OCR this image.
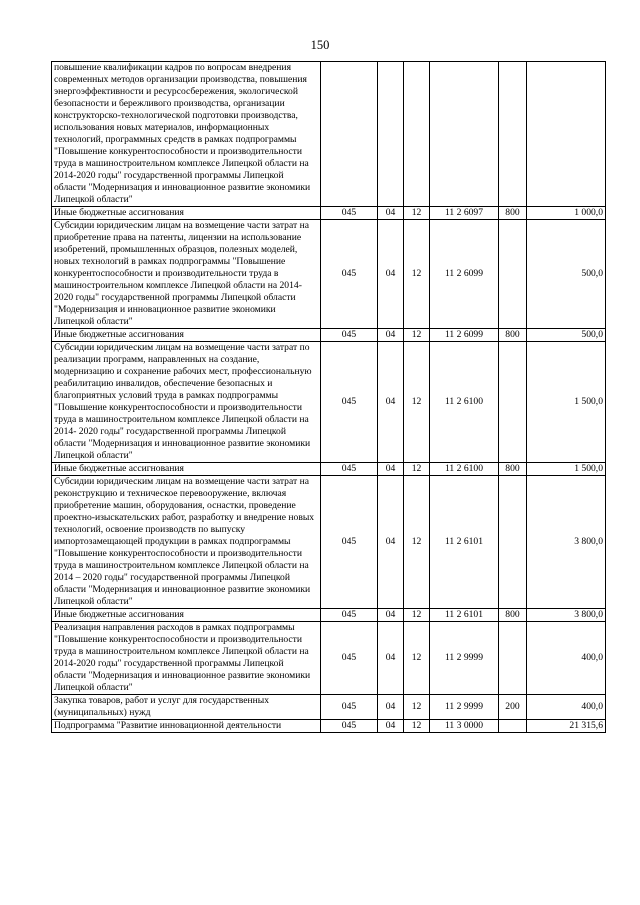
150
повышение квалификации кадров по вопросам внедрения современных методов организации производства, повышения энергоэффективности и ресурсосбережения, экологической безопасности и бережливого производства, организации конструкторско-технологической подготовки производства, использования новых материалов, информационных технологий, программных средств в рамках подпрограммы "Повышение конкурентоспособности и производительности труда в машиностроительном комплексе Липецкой области на 2014-2020 годы" государственной программы Липецкой области "Модернизация и инновационное развитие экономики Липецкой области"						
Иные бюджетные ассигнования	045	04	12	11 2 6097	800	1 000,0
Субсидии юридическим лицам на возмещение части затрат на приобретение права на патенты, лицензии на использование изобретений, промышленных образцов, полезных моделей, новых технологий в рамках подпрограммы "Повышение конкурентоспособности и производительности труда в машиностроительном комплексе Липецкой области на 2014- 2020 годы" государственной программы Липецкой области "Модернизация и инновационное развитие экономики Липецкой области"	045	04	12	11 2 6099		500,0
Иные бюджетные ассигнования	045	04	12	11 2 6099	800	500,0
Субсидии юридическим лицам на возмещение части затрат по реализации программ, направленных на создание, модернизацию и сохранение рабочих мест, профессиональную реабилитацию инвалидов, обеспечение безопасных и благоприятных условий труда в рамках подпрограммы "Повышение конкурентоспособности и производительности труда в машиностроительном комплексе Липецкой области на 2014- 2020 годы" государственной программы Липецкой области "Модернизация и инновационное развитие экономики Липецкой области"	045	04	12	11 2 6100		1 500,0
Иные бюджетные ассигнования	045	04	12	11 2 6100	800	1 500,0
Субсидии юридическим лицам на возмещение части затрат на реконструкцию и техническое перевооружение, включая приобретение машин, оборудования, оснастки, проведение проектно-изыскательских работ, разработку и внедрение новых технологий, освоение производств по выпуску импортозамещающей продукции в рамках подпрограммы "Повышение конкурентоспособности и производительности труда в машиностроительном комплексе Липецкой области на 2014 – 2020 годы" государственной программы Липецкой области "Модернизация и инновационное развитие экономики Липецкой области"	045	04	12	11 2 6101		3 800,0
Иные бюджетные ассигнования	045	04	12	11 2 6101	800	3 800,0
Реализация направления расходов в рамках подпрограммы "Повышение конкурентоспособности и производительности труда в машиностроительном комплексе Липецкой области на 2014-2020 годы" государственной программы Липецкой области "Модернизация и инновационное развитие экономики Липецкой области"	045	04	12	11 2 9999		400,0
Закупка товаров, работ и услуг для государственных (муниципальных) нужд	045	04	12	11 2 9999	200	400,0
Подпрограмма "Развитие инновационной деятельности	045	04	12	11 3 0000		21 315,6
